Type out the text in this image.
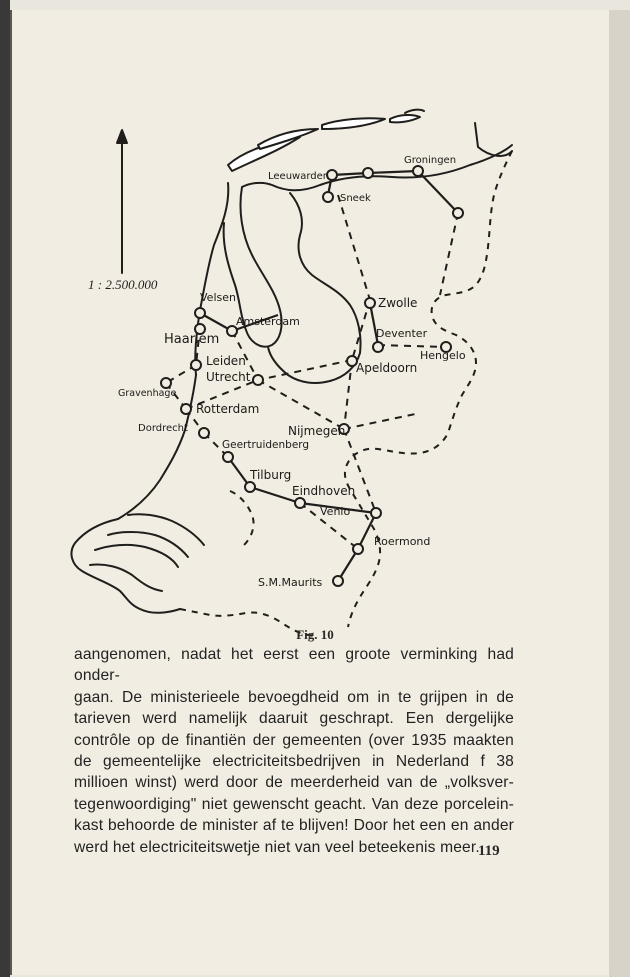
Leeuwarden
Sneek
Groningen
Zwolle
Deventer
Hengelo
Apeldoorn
Velsen
Amsterdam
Haarlem
Leiden
Utrecht
Gravenhage
Rotterdam
Dordrecht	Nijmegen
Geertruidenberg
Tilburg
Eindhoven
Venlo
Roermond
S.M.Maurits
1 : 2.500.000
Fig. 10

aangenomen, nadat het eerst een groote verminking had onder-
gaan. De ministerieele bevoegdheid om in te grijpen in de
tarieven werd namelijk daaruit geschrapt. Een dergelijke
contrôle op de finantiën der gemeenten (over 1935 maakten
de gemeentelijke electriciteitsbedrijven in Nederland f 38
millioen winst) werd door de meerderheid van de „volksver-
tegenwoordiging" niet gewenscht geacht. Van deze porcelein-
kast behoorde de minister af te blijven! Door het een en ander
werd het electriciteitswetje niet van veel beteekenis meer.

119
